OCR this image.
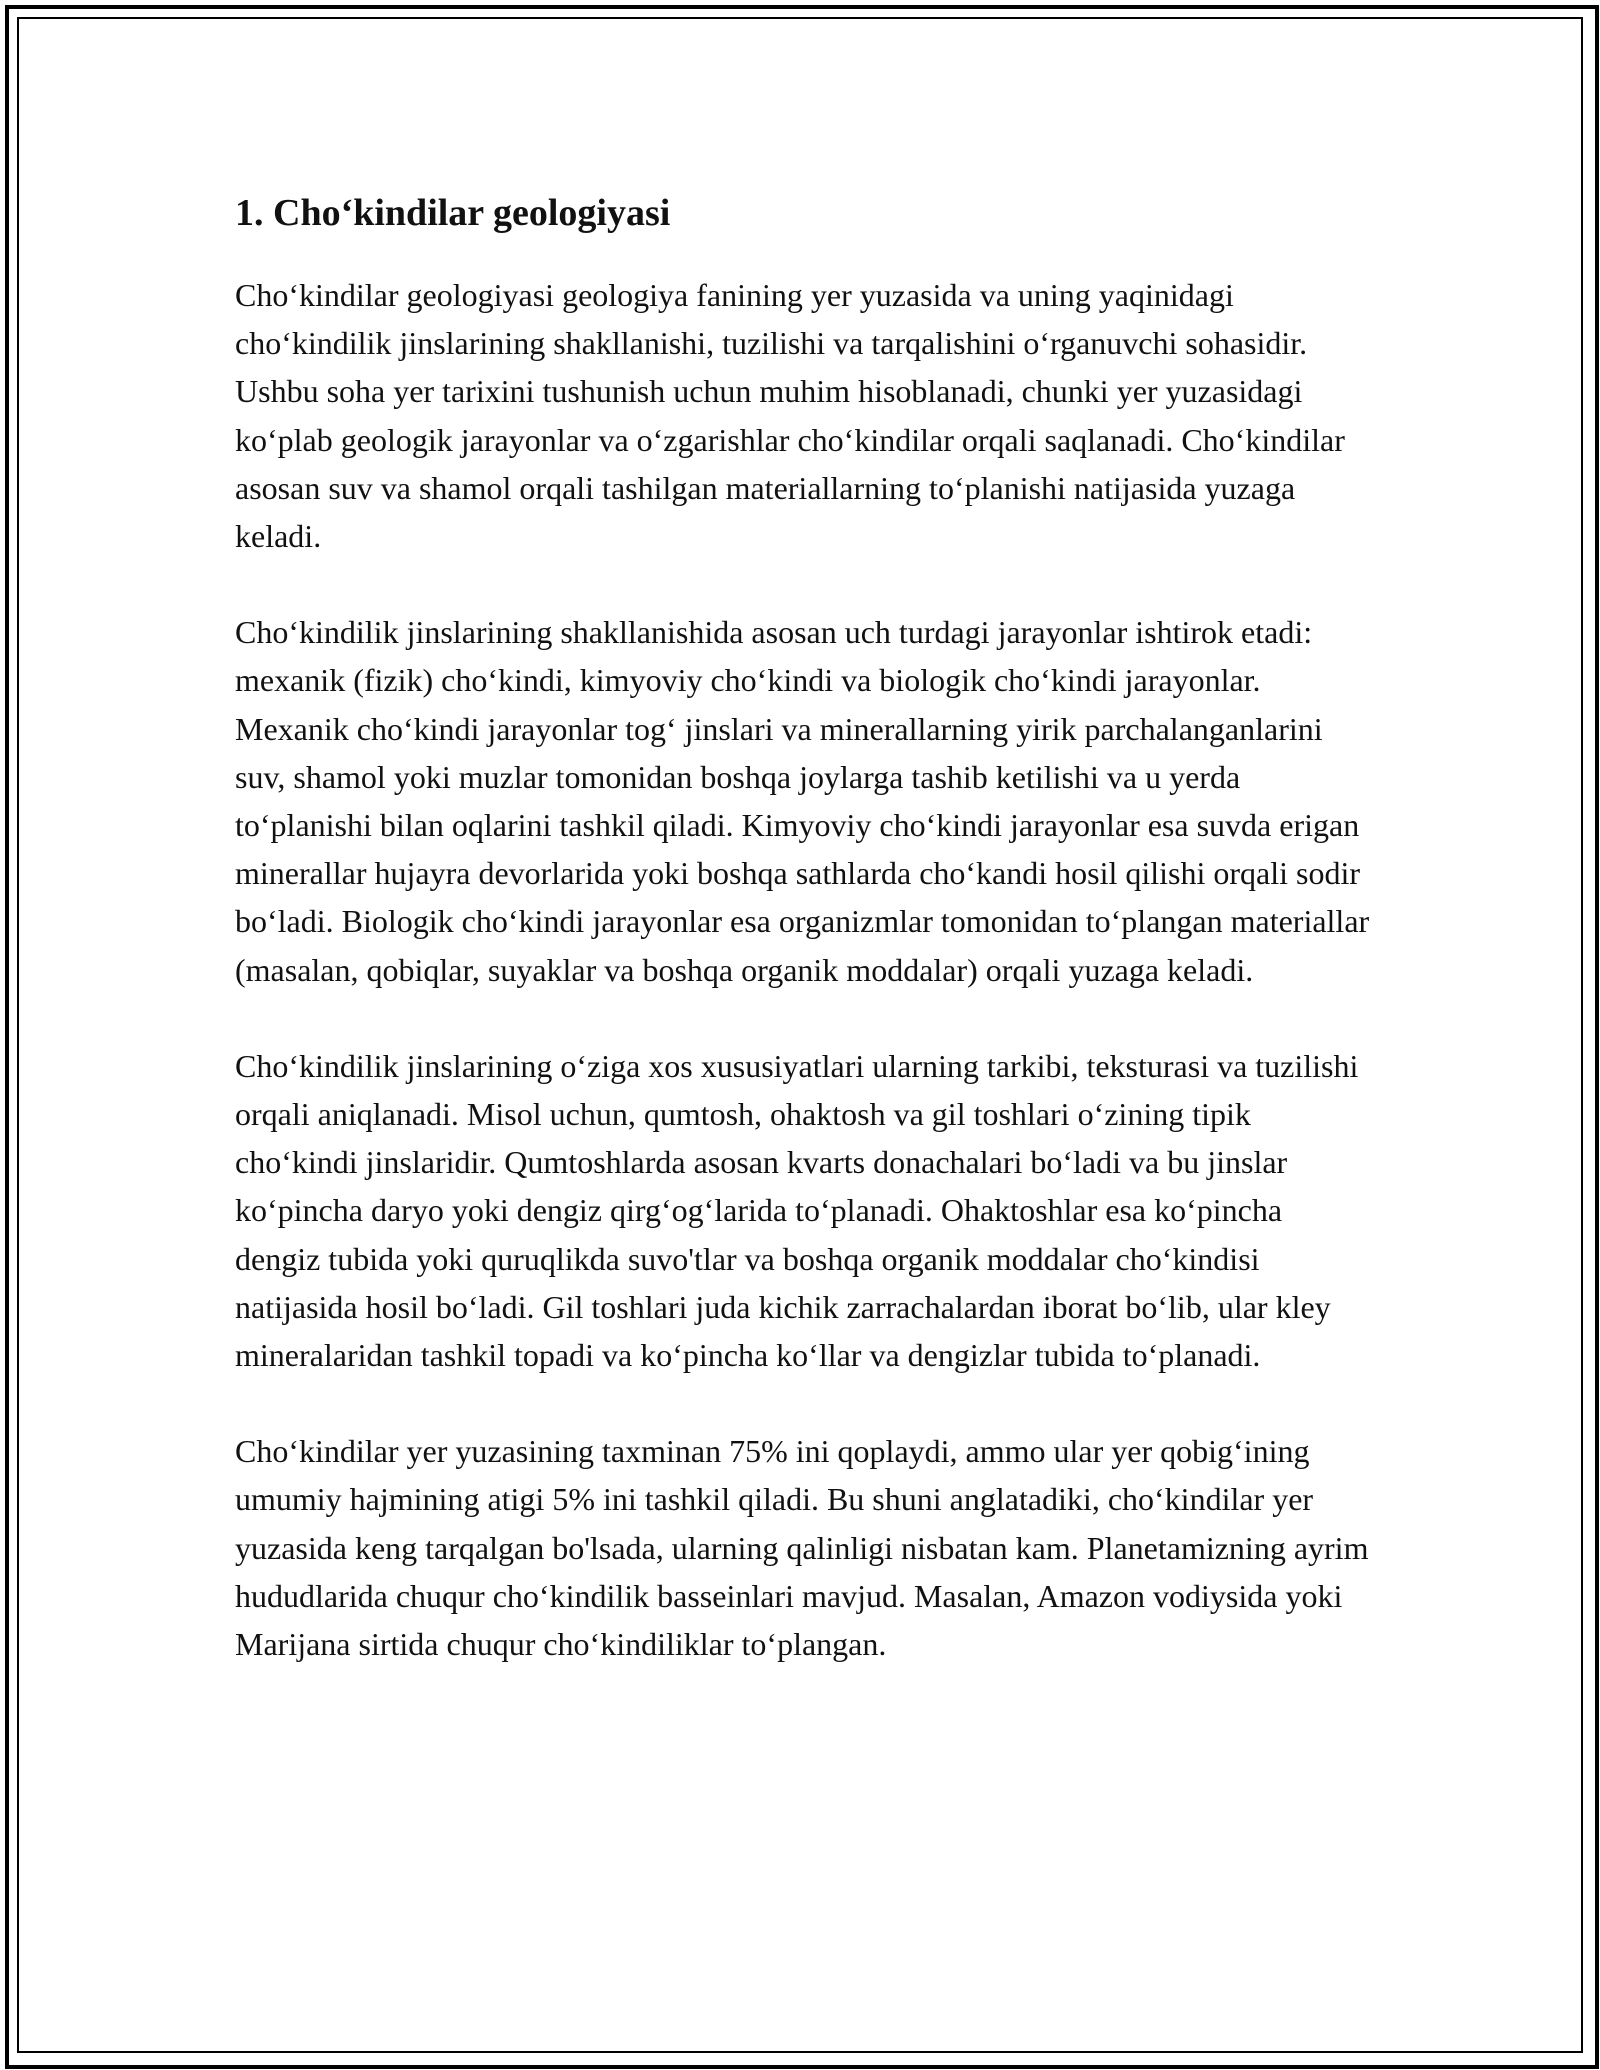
1. Cho‘kindilar geologiyasi

Cho‘kindilar geologiyasi geologiya fanining yer yuzasida va uning yaqinidagi cho‘kindilik jinslarining shakllanishi, tuzilishi va tarqalishini o‘rganuvchi sohasidir. Ushbu soha yer tarixini tushunish uchun muhim hisoblanadi, chunki yer yuzasidagi ko‘plab geologik jarayonlar va o‘zgarishlar cho‘kindilar orqali saqlanadi. Cho‘kindilar asosan suv va shamol orqali tashilgan materiallarning to‘planishi natijasida yuzaga keladi.

Cho‘kindilik jinslarining shakllanishida asosan uch turdagi jarayonlar ishtirok etadi: mexanik (fizik) cho‘kindi, kimyoviy cho‘kindi va biologik cho‘kindi jarayonlar. Mexanik cho‘kindi jarayonlar tog‘ jinslari va minerallarning yirik parchalanganlarini suv, shamol yoki muzlar tomonidan boshqa joylarga tashib ketilishi va u yerda to‘planishi bilan oqlarini tashkil qiladi. Kimyoviy cho‘kindi jarayonlar esa suvda erigan minerallar hujayra devorlarida yoki boshqa sathlarda cho‘kandi hosil qilishi orqali sodir bo‘ladi. Biologik cho‘kindi jarayonlar esa organizmlar tomonidan to‘plangan materiallar (masalan, qobiqlar, suyaklar va boshqa organik moddalar) orqali yuzaga keladi.

Cho‘kindilik jinslarining o‘ziga xos xususiyatlari ularning tarkibi, teksturasi va tuzilishi orqali aniqlanadi. Misol uchun, qumtosh, ohaktosh va gil toshlari o‘zining tipik cho‘kindi jinslaridir. Qumtoshlarda asosan kvarts donachalari bo‘ladi va bu jinslar ko‘pincha daryo yoki dengiz qirg‘og‘larida to‘planadi. Ohaktoshlar esa ko‘pincha dengiz tubida yoki quruqlikda suvo'tlar va boshqa organik moddalar cho‘kindisi natijasida hosil bo‘ladi. Gil toshlari juda kichik zarrachalardan iborat bo‘lib, ular kley mineralaridan tashkil topadi va ko‘pincha ko‘llar va dengizlar tubida to‘planadi.

Cho‘kindilar yer yuzasining taxminan 75% ini qoplaydi, ammo ular yer qobig‘ining umumiy hajmining atigi 5% ini tashkil qiladi. Bu shuni anglatadiki, cho‘kindilar yer yuzasida keng tarqalgan bo'lsada, ularning qalinligi nisbatan kam. Planetamizning ayrim hududlarida chuqur cho‘kindilik basseinlari mavjud. Masalan, Amazon vodiysida yoki Marijana sirtida chuqur cho‘kindiliklar to‘plangan.
